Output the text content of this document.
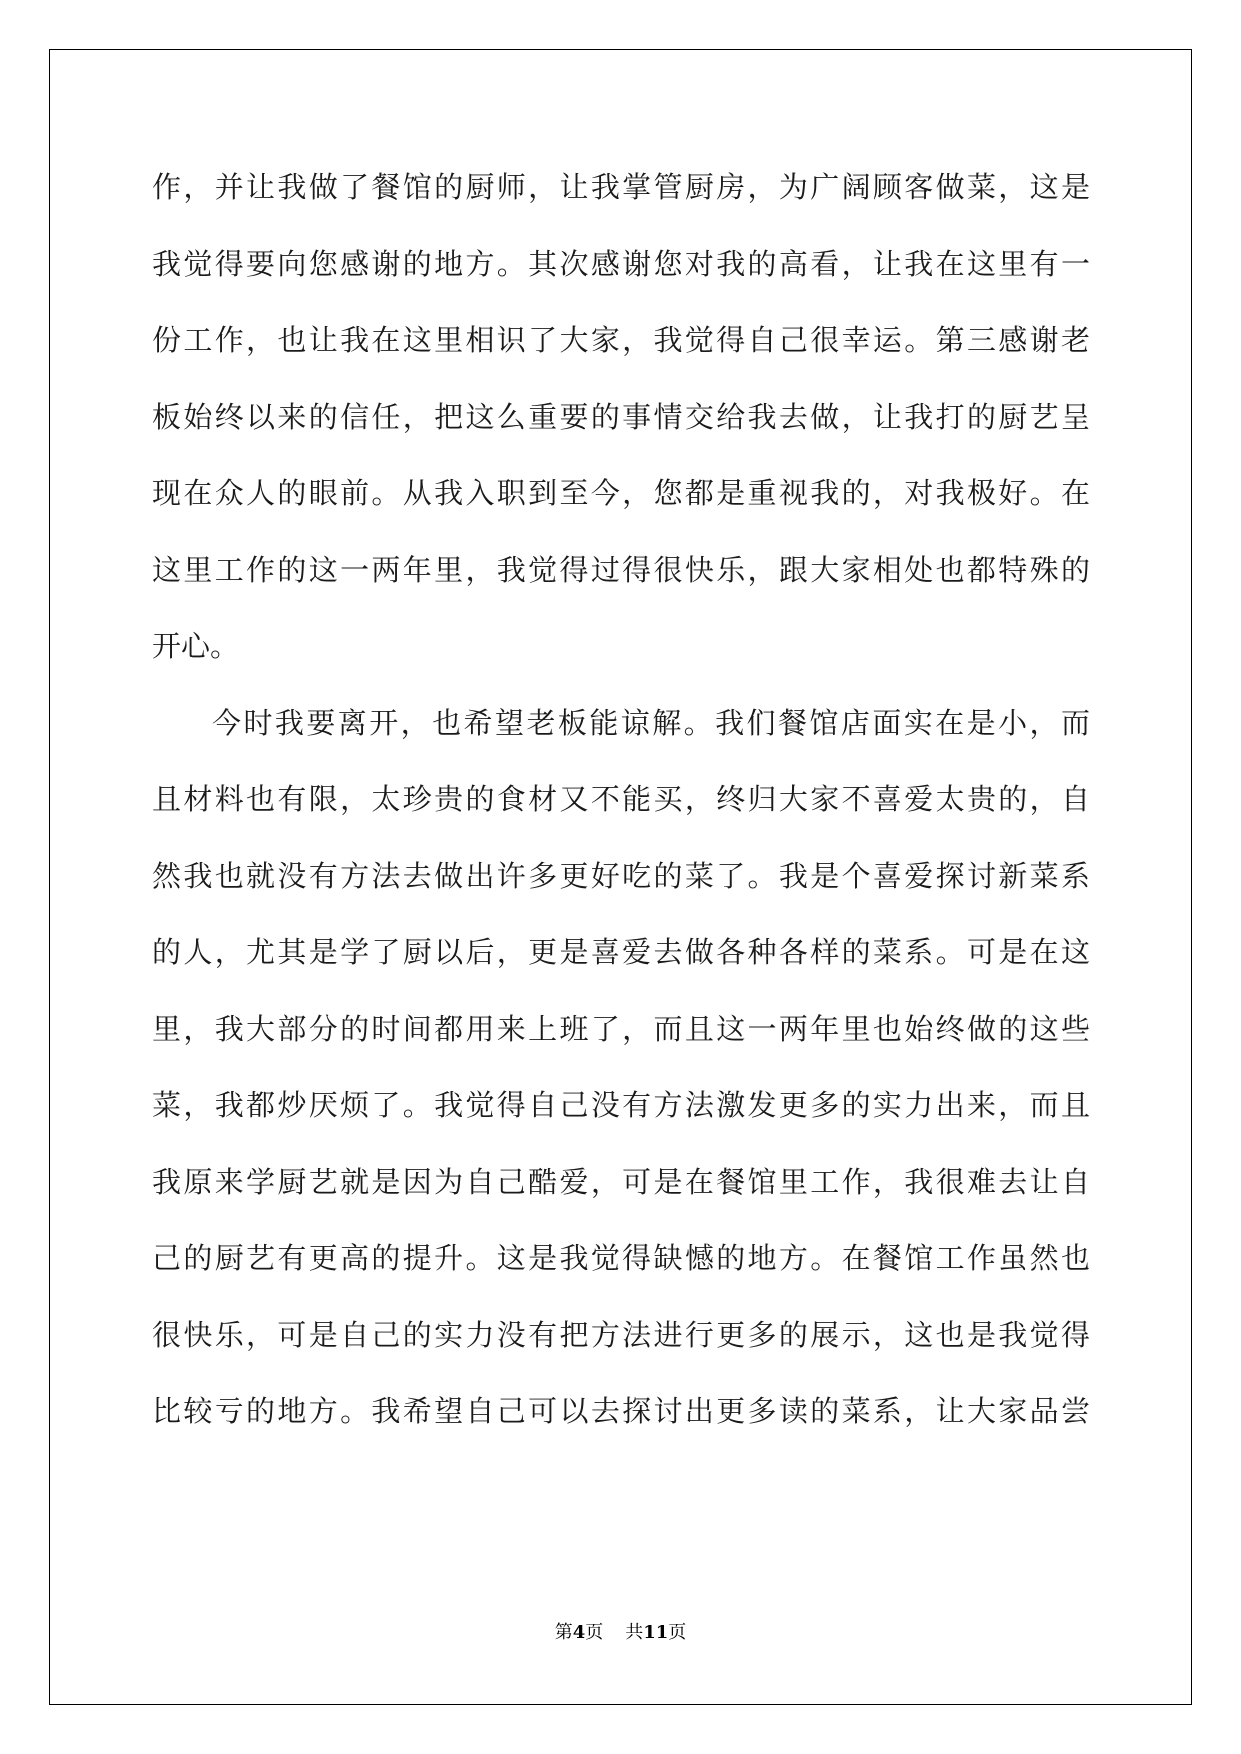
作，并让我做了餐馆的厨师，让我掌管厨房，为广阔顾客做菜，这是
我觉得要向您感谢的地方。其次感谢您对我的高看，让我在这里有一
份工作，也让我在这里相识了大家，我觉得自己很幸运。第三感谢老
板始终以来的信任，把这么重要的事情交给我去做，让我打的厨艺呈
现在众人的眼前。从我入职到至今，您都是重视我的，对我极好。在
这里工作的这一两年里，我觉得过得很快乐，跟大家相处也都特殊的
开心。
今时我要离开，也希望老板能谅解。我们餐馆店面实在是小，而
且材料也有限，太珍贵的食材又不能买，终归大家不喜爱太贵的，自
然我也就没有方法去做出许多更好吃的菜了。我是个喜爱探讨新菜系
的人，尤其是学了厨以后，更是喜爱去做各种各样的菜系。可是在这
里，我大部分的时间都用来上班了，而且这一两年里也始终做的这些
菜，我都炒厌烦了。我觉得自己没有方法激发更多的实力出来，而且
我原来学厨艺就是因为自己酷爱，可是在餐馆里工作，我很难去让自
己的厨艺有更高的提升。这是我觉得缺憾的地方。在餐馆工作虽然也
很快乐，可是自己的实力没有把方法进行更多的展示，这也是我觉得
比较亏的地方。我希望自己可以去探讨出更多读的菜系，让大家品尝
第4页 共11页
